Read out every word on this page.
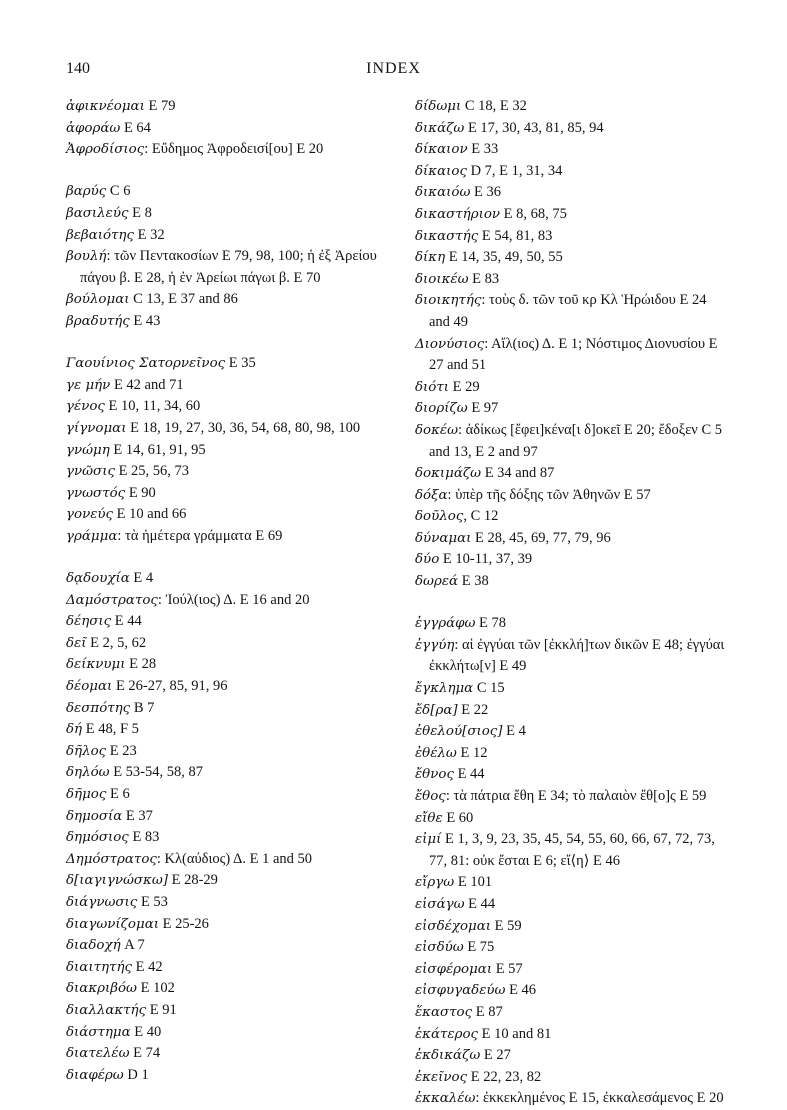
140	INDEX
ἀφικνέομαι E 79
ἀφοράω E 64
Ἀφροδίσιος: Εὔδημος Ἀφροδεισί[ου] E 20
βαρύς C 6
βασιλεύς E 8
βεβαιότης E 32
βουλή: τῶν Πεντακοσίων E 79, 98, 100; ἡ ἐξ Ἀρείου πάγου β. E 28, ἡ ἐν Ἀρείωι πάγωι β. E 70
βούλομαι C 13, E 37 and 86
βραδυτής E 43
Γαουίνιος Σατορνεῖνος E 35
γε μήν E 42 and 71
γένος E 10, 11, 34, 60
γίγνομαι E 18, 19, 27, 30, 36, 54, 68, 80, 98, 100
γνώμη E 14, 61, 91, 95
γνῶσις E 25, 56, 73
γνωστός E 90
γονεύς E 10 and 66
γράμμα: τὰ ἡμέτερα γράμματα E 69
δᾳδουχία E 4
Δαμόστρατος: Ἰούλ(ιος) Δ. E 16 and 20
δέησις E 44
δεῖ E 2, 5, 62
δείκνυμι E 28
δέομαι E 26-27, 85, 91, 96
δεσπότης B 7
δή E 48, F 5
δῆλος E 23
δηλόω E 53-54, 58, 87
δῆμος E 6
δημοσία E 37
δημόσιος E 83
Δημόστρατος: Κλ(αύδιος) Δ. E 1 and 50
δ[ιαγιγνώσκω] E 28-29
διάγνωσις E 53
διαγωνίζομαι E 25-26
διαδοχή A 7
διαιτητής E 42
διακριβόω E 102
διαλλακτής E 91
διάστημα E 40
διατελέω E 74
διαφέρω D 1
δίδωμι C 18, E 32
δικάζω E 17, 30, 43, 81, 85, 94
δίκαιον E 33
δίκαιος D 7, E 1, 31, 34
δικαιόω E 36
δικαστήριον E 8, 68, 75
δικαστής E 54, 81, 83
δίκη E 14, 35, 49, 50, 55
διοικέω E 83
διοικητής: τοὺς δ. τῶν τοῦ κρ Κλ Ἡρώιδου E 24 and 49
Διονύσιος: Αἴλ(ιος) Δ. E 1; Νόστιμος Διονυσίου E 27 and 51
διότι E 29
διορίζω E 97
δοκέω: ἀδίκως [ἔφει]κένα[ι δ]οκεῖ E 20; ἔδοξεν C 5 and 13, E 2 and 97
δοκιμάζω E 34 and 87
δόξα: ὑπὲρ τῆς δόξης τῶν Ἀθηνῶν E 57
δοῦλος, C 12
δύναμαι E 28, 45, 69, 77, 79, 96
δύο E 10-11, 37, 39
δωρεά E 38
ἐγγράφω E 78
ἐγγύη: αἱ ἐγγύαι τῶν [ἐκκλή]των δικῶν E 48; ἐγγύαι ἐκκλήτω[ν] E 49
ἔγκλημα C 15
ἔδ[ρα] E 22
ἐθελού[σιος] E 4
ἐθέλω E 12
ἔθνος E 44
ἔθος: τὰ πάτρια ἔθη E 34; τὸ παλαιὸν ἔθ[ο]ς E 59
εἴθε E 60
εἰμί E 1, 3, 9, 23, 35, 45, 54, 55, 60, 66, 67, 72, 73, 77, 81: οὐκ ἔσται E 6; εἴ⟨η⟩ E 46
εἴργω E 101
εἰσάγω E 44
εἰσδέχομαι E 59
εἰσδύω E 75
εἰσφέρομαι E 57
εἰσφυγαδεύω E 46
ἕκαστος E 87
ἑκάτερος E 10 and 81
ἐκδικάζω E 27
ἐκεῖνος E 22, 23, 82
ἐκκαλέω: ἐκκεκλημένος E 15, ἐκκαλεσάμενος E 20
